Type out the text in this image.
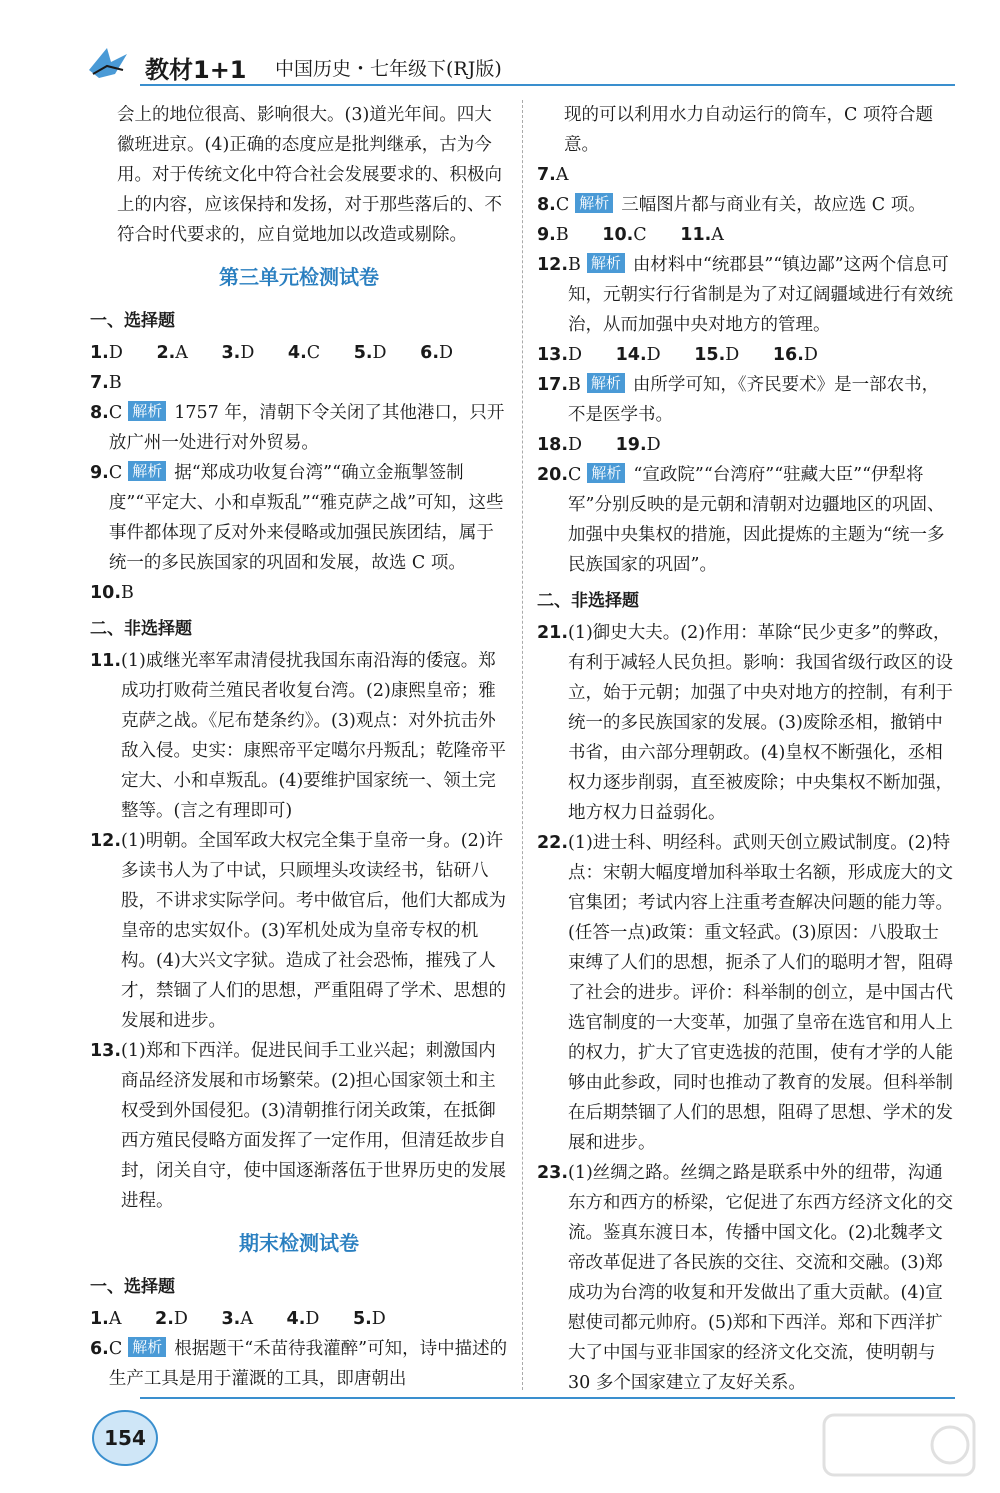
教材1+1 中国历史・七年级下(RJ版)

会上的地位很高、影响很大。(3)道光年间。四大徽班进京。(4)正确的态度应是批判继承，古为今用。对于传统文化中符合社会发展要求的、积极向上的内容，应该保持和发扬，对于那些落后的、不符合时代要求的，应自觉地加以改造或剔除。

第三单元检测试卷
一、选择题
1.D 2.A 3.D 4.C 5.D 6.D 7.B
8. C 解析 1757 年，清朝下令关闭了其他港口，只开放广州一处进行对外贸易。
9. C 解析 据“郑成功收复台湾”“确立金瓶掣签制度”“平定大、小和卓叛乱”“雅克萨之战”可知，这些事件都体现了反对外来侵略或加强民族团结，属于统一的多民族国家的巩固和发展，故选 C 项。
10. B
二、非选择题
11. (1)戚继光率军肃清侵扰我国东南沿海的倭寇。郑成功打败荷兰殖民者收复台湾。(2)康熙皇帝；雅克萨之战。《尼布楚条约》。(3)观点：对外抗击外敌入侵。史实：康熙帝平定噶尔丹叛乱；乾隆帝平定大、小和卓叛乱。(4)要维护国家统一、领土完整等。(言之有理即可)
12. (1)明朝。全国军政大权完全集于皇帝一身。(2)许多读书人为了中试，只顾埋头攻读经书，钻研八股，不讲求实际学问。考中做官后，他们大都成为皇帝的忠实奴仆。(3)军机处成为皇帝专权的机构。(4)大兴文字狱。造成了社会恐怖，摧残了人才，禁锢了人们的思想，严重阻碍了学术、思想的发展和进步。
13. (1)郑和下西洋。促进民间手工业兴起；刺激国内商品经济发展和市场繁荣。(2)担心国家领土和主权受到外国侵犯。(3)清朝推行闭关政策，在抵御西方殖民侵略方面发挥了一定作用，但清廷故步自封，闭关自守，使中国逐渐落伍于世界历史的发展进程。
期末检测试卷
一、选择题
1.A 2.D 3.A 4.D 5.D
6. C 解析 根据题干“禾苗待我灌醉”可知，诗中描述的生产工具是用于灌溉的工具，即唐朝出

现的可以利用水力自动运行的筒车，C 项符合题意。

7. A
8. C 解析 三幅图片都与商业有关，故应选 C 项。
9.B 10.C 11.A
12. B 解析 由材料中“统郡县”“镇边鄙”这两个信息可知，元朝实行行省制是为了对辽阔疆域进行有效统治，从而加强中央对地方的管理。
13.D 14.D 15.D 16.D
17. B 解析 由所学可知，《齐民要术》是一部农书，不是医学书。
18.D 19.D
20. C 解析 “宣政院”“台湾府”“驻藏大臣”“伊犁将军”分别反映的是元朝和清朝对边疆地区的巩固、加强中央集权的措施，因此提炼的主题为“统一多民族国家的巩固”。
二、非选择题
21. (1)御史大夫。(2)作用：革除“民少吏多”的弊政，有利于减轻人民负担。影响：我国省级行政区的设立，始于元朝；加强了中央对地方的控制，有利于统一的多民族国家的发展。(3)废除丞相，撤销中书省，由六部分理朝政。(4)皇权不断强化，丞相权力逐步削弱，直至被废除；中央集权不断加强，地方权力日益弱化。
22. (1)进士科、明经科。武则天创立殿试制度。(2)特点：宋朝大幅度增加科举取士名额，形成庞大的文官集团；考试内容上注重考查解决问题的能力等。(任答一点)政策：重文轻武。(3)原因：八股取士束缚了人们的思想，扼杀了人们的聪明才智，阻碍了社会的进步。评价：科举制的创立，是中国古代选官制度的一大变革，加强了皇帝在选官和用人上的权力，扩大了官吏选拔的范围，使有才学的人能够由此参政，同时也推动了教育的发展。但科举制在后期禁锢了人们的思想，阻碍了思想、学术的发展和进步。
23. (1)丝绸之路。丝绸之路是联系中外的纽带，沟通东方和西方的桥梁，它促进了东西方经济文化的交流。鉴真东渡日本，传播中国文化。(2)北魏孝文帝改革促进了各民族的交往、交流和交融。(3)郑成功为台湾的收复和开发做出了重大贡献。(4)宣慰使司都元帅府。(5)郑和下西洋。郑和下西洋扩大了中国与亚非国家的经济文化交流，使明朝与 30 多个国家建立了友好关系。
154
